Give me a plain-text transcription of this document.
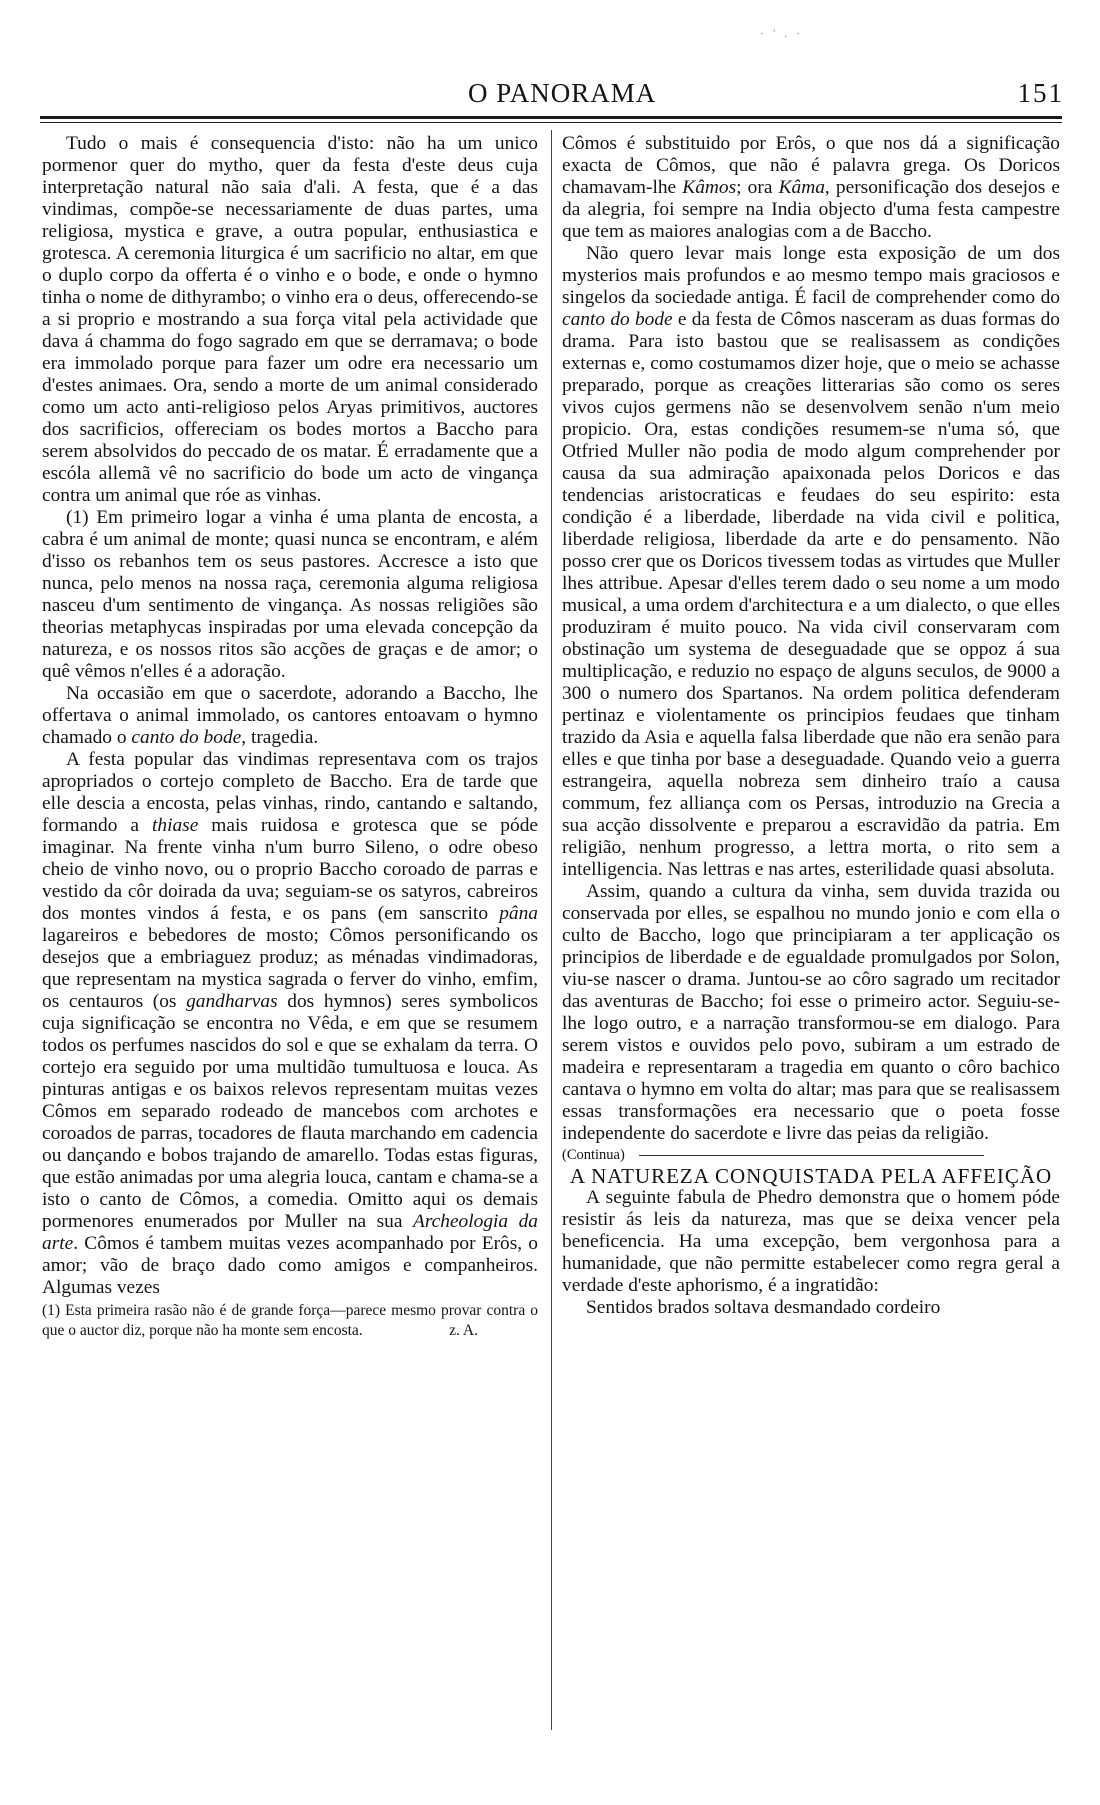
· ' . ·
O PANORAMA	151

Tudo o mais é consequencia d'isto: não ha um unico pormenor quer do mytho, quer da festa d'este deus cuja interpretação natural não saia d'ali. A festa, que é a das vindimas, compõe-se necessariamente de duas partes, uma religiosa, mystica e grave, a outra popular, enthusiastica e grotesca. A ceremonia liturgica é um sacrificio no altar, em que o duplo corpo da offerta é o vinho e o bode, e onde o hymno tinha o nome de dithyrambo; o vinho era o deus, offerecendo-se a si proprio e mostrando a sua força vital pela actividade que dava á chamma do fogo sagrado em que se derramava; o bode era immolado porque para fazer um odre era necessario um d'estes animaes. Ora, sendo a morte de um animal considerado como um acto anti-religioso pelos Aryas primitivos, auctores dos sacrificios, offereciam os bodes mortos a Baccho para serem absolvidos do peccado de os matar. É erradamente que a escóla allemã vê no sacrificio do bode um acto de vingança contra um animal que róe as vinhas.

(1) Em primeiro logar a vinha é uma planta de encosta, a cabra é um animal de monte; quasi nunca se encontram, e além d'isso os rebanhos tem os seus pastores. Accresce a isto que nunca, pelo menos na nossa raça, ceremonia alguma religiosa nasceu d'um sentimento de vingança. As nossas religiões são theorias metaphycas inspiradas por uma elevada concepção da natureza, e os nossos ritos são acções de graças e de amor; o quê vêmos n'elles é a adoração.

Na occasião em que o sacerdote, adorando a Baccho, lhe offertava o animal immolado, os cantores entoavam o hymno chamado o canto do bode, tragedia.

A festa popular das vindimas representava com os trajos apropriados o cortejo completo de Baccho. Era de tarde que elle descia a encosta, pelas vinhas, rindo, cantando e saltando, formando a thiase mais ruidosa e grotesca que se póde imaginar. Na frente vinha n'um burro Sileno, o odre obeso cheio de vinho novo, ou o proprio Baccho coroado de parras e vestido da côr doirada da uva; seguiam-se os satyros, cabreiros dos montes vindos á festa, e os pans (em sanscrito pâna lagareiros e bebedores de mosto; Cômos personificando os desejos que a embriaguez produz; as ménadas vindimadoras, que representam na mystica sagrada o ferver do vinho, emfim, os centauros (os gandharvas dos hymnos) seres symbolicos cuja significação se encontra no Vêda, e em que se resumem todos os perfumes nascidos do sol e que se exhalam da terra. O cortejo era seguido por uma multidão tumultuosa e louca. As pinturas antigas e os baixos relevos representam muitas vezes Cômos em separado rodeado de mancebos com archotes e coroados de parras, tocadores de flauta marchando em cadencia ou dançando e bobos trajando de amarello. Todas estas figuras, que estão animadas por uma alegria louca, cantam e chama-se a isto o canto de Cômos, a comedia. Omitto aqui os demais pormenores enumerados por Muller na sua Archeologia da arte. Cômos é tambem muitas vezes acompanhado por Erôs, o amor; vão de braço dado como amigos e companheiros. Algumas vezes

(1) Esta primeira rasão não é de grande força—parece mesmo provar contra o que o auctor diz, porque não ha monte sem encosta.	z. A.

Cômos é substituido por Erôs, o que nos dá a significação exacta de Cômos, que não é palavra grega. Os Doricos chamavam-lhe Kâmos; ora Kâma, personificação dos desejos e da alegria, foi sempre na India objecto d'uma festa campestre que tem as maiores analogias com a de Baccho.

Não quero levar mais longe esta exposição de um dos mysterios mais profundos e ao mesmo tempo mais graciosos e singelos da sociedade antiga. É facil de comprehender como do canto do bode e da festa de Cômos nasceram as duas formas do drama. Para isto bastou que se realisassem as condições externas e, como costumamos dizer hoje, que o meio se achasse preparado, porque as creações litterarias são como os seres vivos cujos germens não se desenvolvem senão n'um meio propicio. Ora, estas condições resumem-se n'uma só, que Otfried Muller não podia de modo algum comprehender por causa da sua admiração apaixonada pelos Doricos e das tendencias aristocraticas e feudaes do seu espirito: esta condição é a liberdade, liberdade na vida civil e politica, liberdade religiosa, liberdade da arte e do pensamento. Não posso crer que os Doricos tivessem todas as virtudes que Muller lhes attribue. Apesar d'elles terem dado o seu nome a um modo musical, a uma ordem d'architectura e a um dialecto, o que elles produziram é muito pouco. Na vida civil conservaram com obstinação um systema de deseguadade que se oppoz á sua multiplicação, e reduzio no espaço de alguns seculos, de 9000 a 300 o numero dos Spartanos. Na ordem politica defenderam pertinaz e violentamente os principios feudaes que tinham trazido da Asia e aquella falsa liberdade que não era senão para elles e que tinha por base a deseguadade. Quando veio a guerra estrangeira, aquella nobreza sem dinheiro traío a causa commum, fez alliança com os Persas, introduzio na Grecia a sua acção dissolvente e preparou a escravidão da patria. Em religião, nenhum progresso, a lettra morta, o rito sem a intelligencia. Nas lettras e nas artes, esterilidade quasi absoluta.

Assim, quando a cultura da vinha, sem duvida trazida ou conservada por elles, se espalhou no mundo jonio e com ella o culto de Baccho, logo que principiaram a ter applicação os principios de liberdade e de egualdade promulgados por Solon, viu-se nascer o drama. Juntou-se ao côro sagrado um recitador das aventuras de Baccho; foi esse o primeiro actor. Seguiu-se-lhe logo outro, e a narração transformou-se em dialogo. Para serem vistos e ouvidos pelo povo, subiram a um estrado de madeira e representaram a tragedia em quanto o côro bachico cantava o hymno em volta do altar; mas para que se realisassem essas transformações era necessario que o poeta fosse independente do sacerdote e livre das peias da religião.

(Continua)

A NATUREZA CONQUISTADA PELA AFFEIÇÃO

A seguinte fabula de Phedro demonstra que o homem póde resistir ás leis da natureza, mas que se deixa vencer pela beneficencia. Ha uma excepção, bem vergonhosa para a humanidade, que não permitte estabelecer como regra geral a verdade d'este aphorismo, é a ingratidão:

Sentidos brados soltava desmandado cordeiro
